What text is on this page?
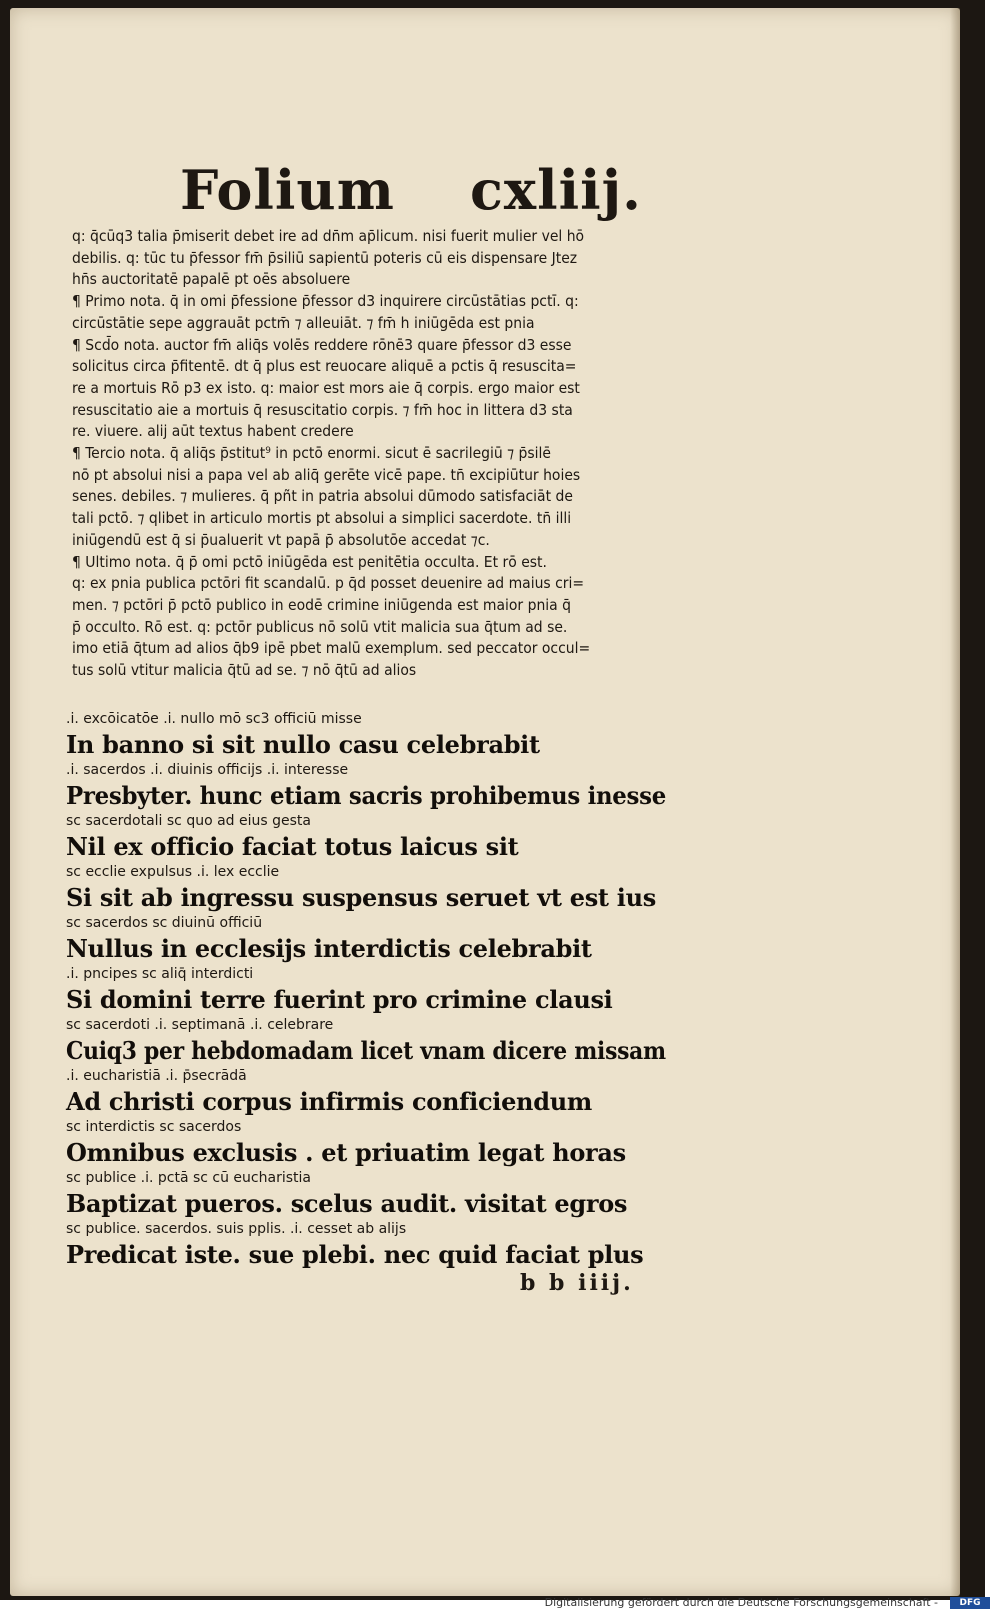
Folium cxliij.
q: q̄cūq3 talia p̄miserit debet ire ad dn̄m ap̄licum. nisi fuerit mulier vel hō
debilis. q: tūc tu p̄fessor fm̄ p̄siliū sapientū poteris cū eis dispensare Jtez
hn̄s auctoritatē papalē pt oēs absoluere
¶ Primo nota. q̄ in omi p̄fessione p̄fessor d3 inquirere circūstātias pctī. q:
circūstātie sepe aggrauāt pctm̄ ⁊ alleuiāt. ⁊ fm̄ h iniūgēda est pnia
¶ Scd̄o nota. auctor fm̄ aliq̄s volēs reddere rōnē3 quare p̄fessor d3 esse
solicitus circa p̄fitentē. dt q̄ plus est reuocare aliquē a pctis q̄ resuscita=
re a mortuis Rō p3 ex isto. q: maior est mors aie q̄ corpis. ergo maior est
resuscitatio aie a mortuis q̄ resuscitatio corpis. ⁊ fm̄ hoc in littera d3 sta
re. viuere. alij aūt textus habent credere
¶ Tercio nota. q̄ aliq̄s p̄stitut⁹ in pctō enormi. sicut ē sacrilegiū ⁊ p̄silē
nō pt absolui nisi a papa vel ab aliq̄ gerēte vicē pape. tn̄ excipiūtur hoies
senes. debiles. ⁊ mulieres. q̄ pñt in patria absolui dūmodo satisfaciāt de
tali pctō. ⁊ qlibet in articulo mortis pt absolui a simplici sacerdote. tn̄ illi
iniūgendū est q̄ si p̄ualuerit vt papā p̄ absolutōe accedat ⁊c.
¶ Ultimo nota. q̄ p̄ omi pctō iniūgēda est penitētia occulta. Et rō est.
q: ex pnia publica pctōri fit scandalū. p q̄d posset deuenire ad maius cri=
men. ⁊ pctōri p̄ pctō publico in eodē crimine iniūgenda est maior pnia q̄
p̄ occulto. Rō est. q: pctōr publicus nō solū vtit malicia sua q̄tum ad se.
imo etiā q̄tum ad alios q̄b9 ipē pbet malū exemplum. sed peccator occul=
tus solū vtitur malicia q̄tū ad se. ⁊ nō q̄tū ad alios
.i. excōicatōe .i. nullo mō sc3 officiū misse
In banno si sit nullo casu celebrabit
.i. sacerdos .i. diuinis officijs .i. interesse
Presbyter. hunc etiam sacris prohibemus inesse
sc sacerdotali sc quo ad eius gesta
Nil ex officio faciat totus laicus sit
sc ecclie expulsus .i. lex ecclie
Si sit ab ingressu suspensus seruet vt est ius
sc sacerdos sc diuinū officiū
Nullus in ecclesijs interdictis celebrabit
.i. pncipes sc aliq̄ interdicti
Si domini terre fuerint pro crimine clausi
sc sacerdoti .i. septimanā .i. celebrare
Cuiq3 per hebdomadam licet vnam dicere missam
.i. eucharistiā .i. p̄secrādā
Ad christi corpus infirmis conficiendum
sc interdictis sc sacerdos
Omnibus exclusis . et priuatim legat horas
sc publice .i. pctā sc cū eucharistia
Baptizat pueros. scelus audit. visitat egros
sc publice. sacerdos. suis pplis. .i. cesset ab alijs
Predicat iste. sue plebi. nec quid faciat plus
b b iiij.
Digitalisierung gefördert durch die Deutsche Forschungsgemeinschaft -	DFG
